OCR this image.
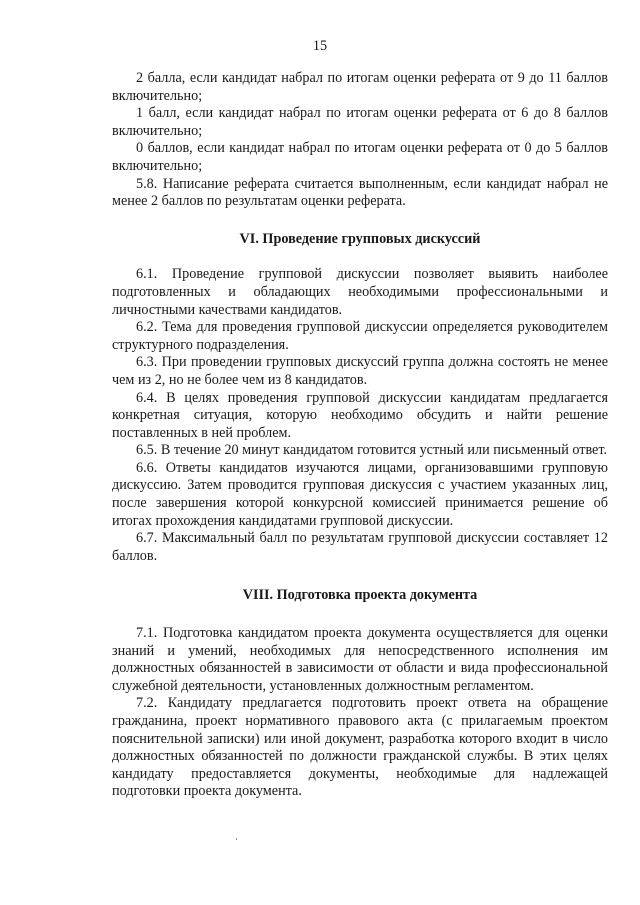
15

2 балла, если кандидат набрал по итогам оценки реферата от 9 до 11 баллов включительно;

1 балл, если кандидат набрал по итогам оценки реферата от 6 до 8 баллов включительно;

0 баллов, если кандидат набрал по итогам оценки реферата от 0 до 5 баллов включительно;

5.8. Написание реферата считается выполненным, если кандидат набрал не менее 2 баллов по результатам оценки реферата.

VI. Проведение групповых дискуссий

6.1. Проведение групповой дискуссии позволяет выявить наиболее подготовленных и обладающих необходимыми профессиональными и личностными качествами кандидатов.

6.2. Тема для проведения групповой дискуссии определяется руководителем структурного подразделения.

6.3. При проведении групповых дискуссий группа должна состоять не менее чем из 2, но не более чем из 8 кандидатов.

6.4. В целях проведения групповой дискуссии кандидатам предлагается конкретная ситуация, которую необходимо обсудить и найти решение поставленных в ней проблем.

6.5. В течение 20 минут кандидатом готовится устный или письменный ответ.

6.6. Ответы кандидатов изучаются лицами, организовавшими групповую дискуссию. Затем проводится групповая дискуссия с участием указанных лиц, после завершения которой конкурсной комиссией принимается решение об итогах прохождения кандидатами групповой дискуссии.

6.7. Максимальный балл по результатам групповой дискуссии составляет 12 баллов.

VIII. Подготовка проекта документа

7.1. Подготовка кандидатом проекта документа осуществляется для оценки знаний и умений, необходимых для непосредственного исполнения им должностных обязанностей в зависимости от области и вида профессиональной служебной деятельности, установленных должностным регламентом.

7.2. Кандидату предлагается подготовить проект ответа на обращение гражданина, проект нормативного правового акта (с прилагаемым проектом пояснительной записки) или иной документ, разработка которого входит в число должностных обязанностей по должности гражданской службы. В этих целях кандидату предоставляется документы, необходимые для надлежащей подготовки проекта документа.
